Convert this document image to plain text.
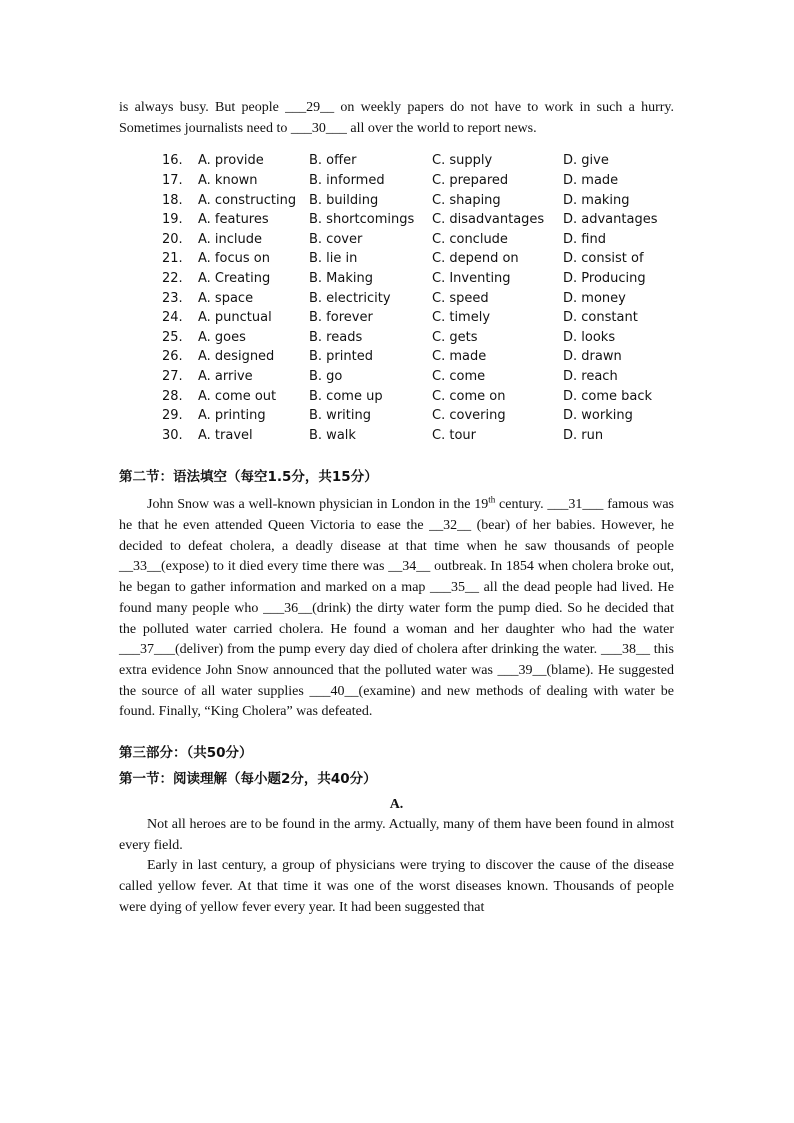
is always busy. But people ___29__ on weekly papers do not have to work in such a hurry. Sometimes journalists need to ___30___ all over the world to report news.

16.	A. provide	B. offer	C. supply	D. give
17.	A. known	B. informed	C. prepared	D. made
18.	A. constructing	B. building	C. shaping	D. making
19.	A. features	B. shortcomings	C. disadvantages	D. advantages
20.	A. include	B. cover	C. conclude	D. find
21.	A. focus on	B. lie in	C. depend on	D. consist of
22.	A. Creating	B. Making	C. Inventing	D. Producing
23.	A. space	B. electricity	C. speed	D. money
24.	A. punctual	B. forever	C. timely	D. constant
25.	A. goes	B. reads	C. gets	D. looks
26.	A. designed	B. printed	C. made	D. drawn
27.	A. arrive	B. go	C. come	D. reach
28.	A. come out	B. come up	C. come on	D. come back
29.	A. printing	B. writing	C. covering	D. working
30.	A. travel	B. walk	C. tour	D. run

第二节：语法填空（每空1.5分，共15分）

John Snow was a well-known physician in London in the 19th century. ___31___ famous was he that he even attended Queen Victoria to ease the __32__ (bear) of her babies. However, he decided to defeat cholera, a deadly disease at that time when he saw thousands of people __33__(expose) to it died every time there was __34__ outbreak. In 1854 when cholera broke out, he began to gather information and marked on a map ___35__ all the dead people had lived. He found many people who ___36__(drink) the dirty water form the pump died. So he decided that the polluted water carried cholera. He found a woman and her daughter who had the water ___37___(deliver) from the pump every day died of cholera after drinking the water. ___38__ this extra evidence John Snow announced that the polluted water was ___39__(blame). He suggested the source of all water supplies ___40__(examine) and new methods of dealing with water be found. Finally, “King Cholera” was defeated.

第三部分：（共50分）

第一节：阅读理解（每小题2分，共40分）

A.

Not all heroes are to be found in the army. Actually, many of them have been found in almost every field.

Early in last century, a group of physicians were trying to discover the cause of the disease called yellow fever. At that time it was one of the worst diseases known. Thousands of people were dying of yellow fever every year. It had been suggested that
